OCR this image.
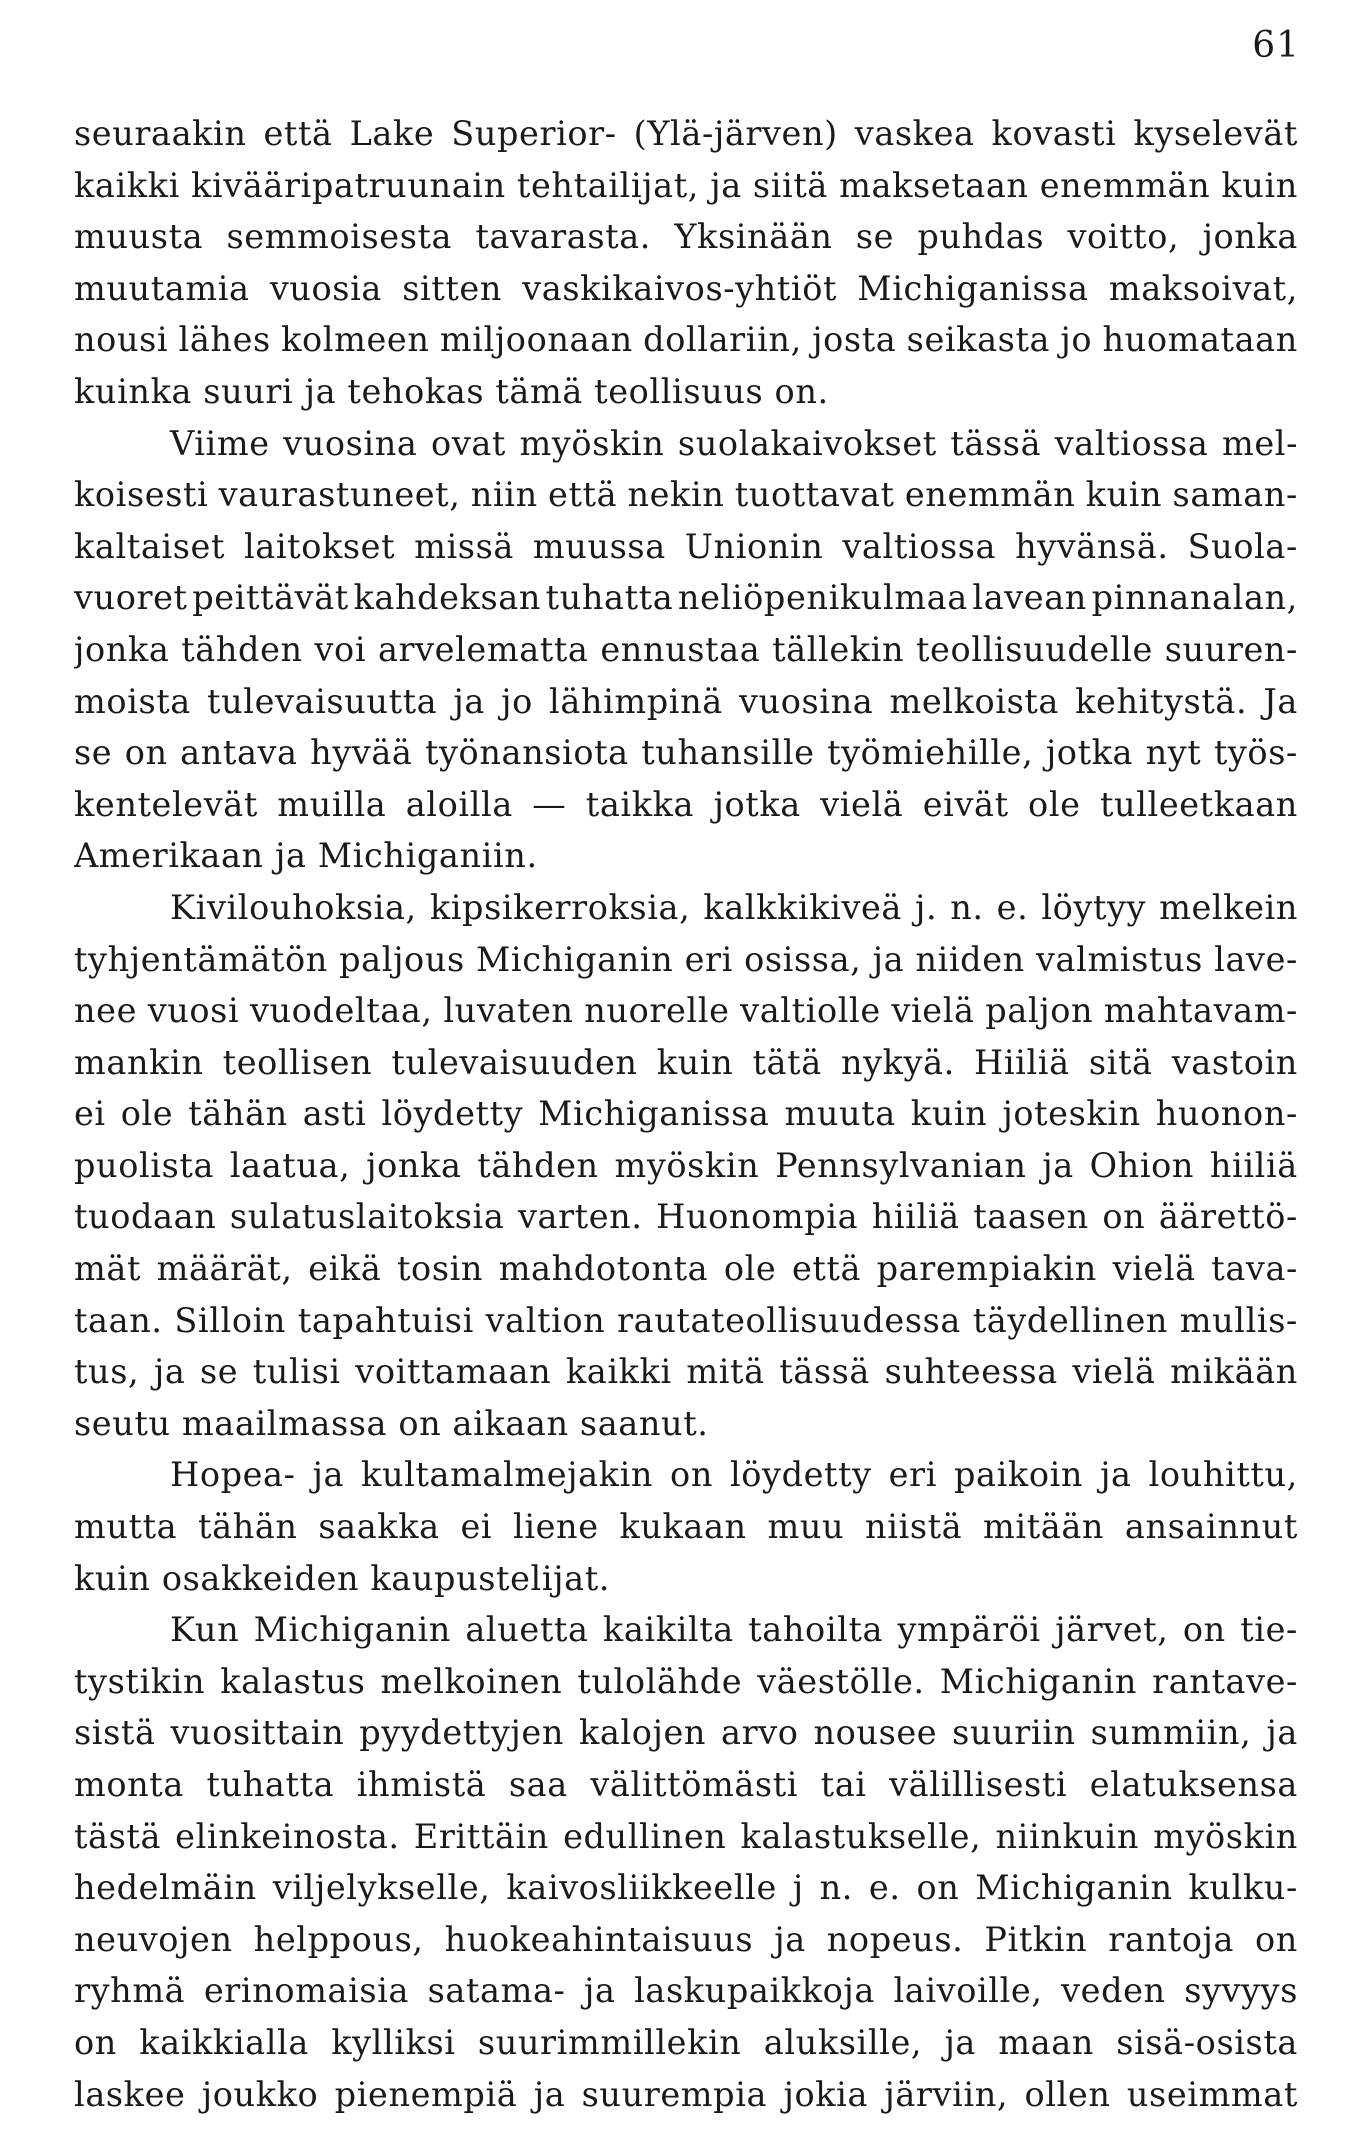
61
seuraakin että Lake Superior- (Ylä-järven) vaskea kovasti kyselevät
kaikki kivääripatruunain tehtailijat, ja siitä maksetaan enemmän kuin
muusta semmoisesta tavarasta. Yksinään se puhdas voitto, jonka
muutamia vuosia sitten vaskikaivos-yhtiöt Michiganissa maksoivat,
nousi lähes kolmeen miljoonaan dollariin, josta seikasta jo huomataan
kuinka suuri ja tehokas tämä teollisuus on.
Viime vuosina ovat myöskin suolakaivokset tässä valtiossa mel-
koisesti vaurastuneet, niin että nekin tuottavat enemmän kuin saman-
kaltaiset laitokset missä muussa Unionin valtiossa hyvänsä. Suola-
vuoret peittävät kahdeksan tuhatta neliöpenikulmaa lavean pinnanalan,
jonka tähden voi arvelematta ennustaa tällekin teollisuudelle suuren-
moista tulevaisuutta ja jo lähimpinä vuosina melkoista kehitystä. Ja
se on antava hyvää työnansiota tuhansille työmiehille, jotka nyt työs-
kentelevät muilla aloilla — taikka jotka vielä eivät ole tulleetkaan
Amerikaan ja Michiganiin.
Kivilouhoksia, kipsikerroksia, kalkkikiveä j. n. e. löytyy melkein
tyhjentämätön paljous Michiganin eri osissa, ja niiden valmistus lave-
nee vuosi vuodeltaa, luvaten nuorelle valtiolle vielä paljon mahtavam-
mankin teollisen tulevaisuuden kuin tätä nykyä. Hiiliä sitä vastoin
ei ole tähän asti löydetty Michiganissa muuta kuin joteskin huonon-
puolista laatua, jonka tähden myöskin Pennsylvanian ja Ohion hiiliä
tuodaan sulatuslaitoksia varten. Huonompia hiiliä taasen on äärettö-
mät määrät, eikä tosin mahdotonta ole että parempiakin vielä tava-
taan. Silloin tapahtuisi valtion rautateollisuudessa täydellinen mullis-
tus, ja se tulisi voittamaan kaikki mitä tässä suhteessa vielä mikään
seutu maailmassa on aikaan saanut.
Hopea- ja kultamalmejakin on löydetty eri paikoin ja louhittu,
mutta tähän saakka ei liene kukaan muu niistä mitään ansainnut
kuin osakkeiden kaupustelijat.
Kun Michiganin aluetta kaikilta tahoilta ympäröi järvet, on tie-
tystikin kalastus melkoinen tulolähde väestölle. Michiganin rantave-
sistä vuosittain pyydettyjen kalojen arvo nousee suuriin summiin, ja
monta tuhatta ihmistä saa välittömästi tai välillisesti elatuksensa
tästä elinkeinosta. Erittäin edullinen kalastukselle, niinkuin myöskin
hedelmäin viljelykselle, kaivosliikkeelle j n. e. on Michiganin kulku-
neuvojen helppous, huokeahintaisuus ja nopeus. Pitkin rantoja on
ryhmä erinomaisia satama- ja laskupaikkoja laivoille, veden syvyys
on kaikkialla kylliksi suurimmillekin aluksille, ja maan sisä-osista
laskee joukko pienempiä ja suurempia jokia järviin, ollen useimmat
